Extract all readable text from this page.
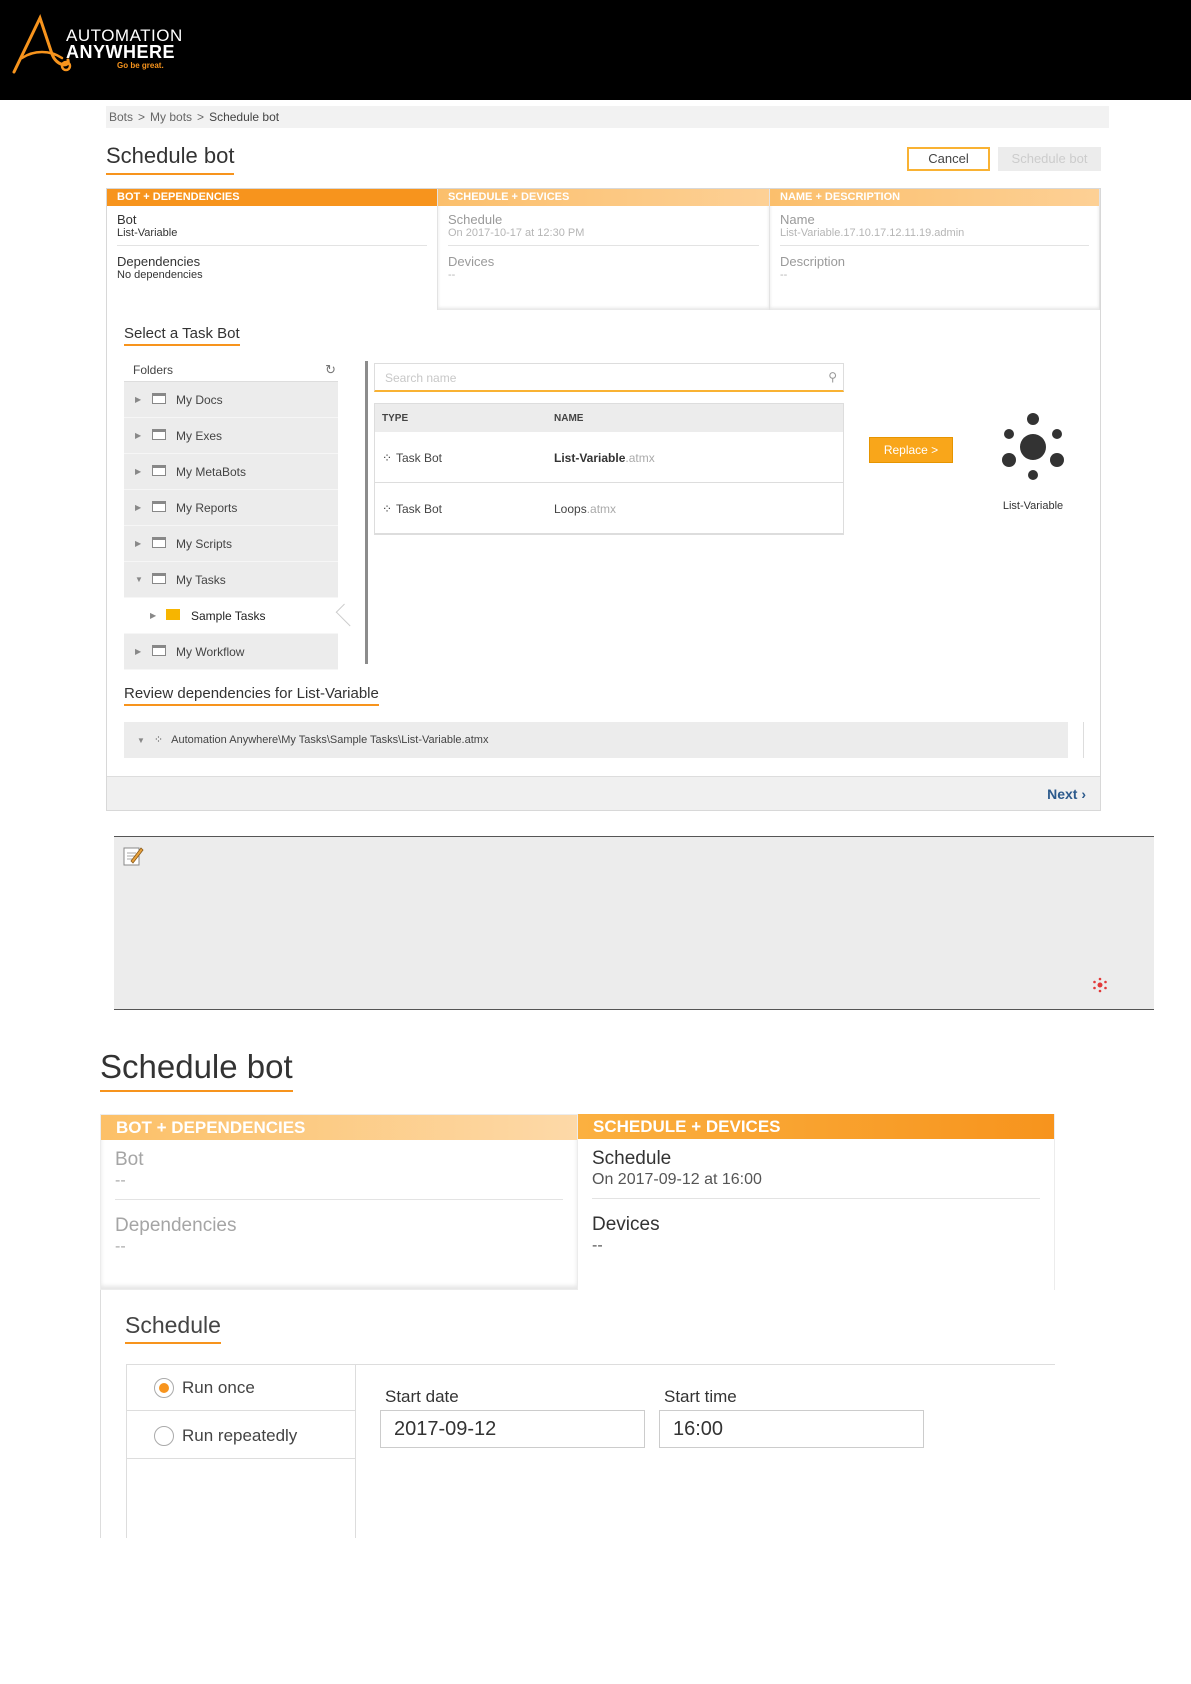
AUTOMATION
ANYWHERE
Go be great.
Bots > My bots > Schedule bot
Schedule bot	Cancel	Schedule bot
BOT + DEPENDENCIES
Bot
List-Variable
Dependencies
No dependencies
SCHEDULE + DEVICES
Schedule
On 2017-10-17 at 12:30 PM
Devices
--
NAME + DESCRIPTION
Name
List-Variable.17.10.17.12.11.19.admin
Description
--
Select a Task Bot
Folders	↻
▶	My Docs
▶	My Exes
▶	My MetaBots
▶	My Reports
▶	My Scripts
▼	My Tasks
▶	Sample Tasks
▶	My Workflow
Search name	⚲
TYPE	NAME
⁘ Task Bot	List-Variable.atmx
⁘ Task Bot	Loops.atmx
Replace >
List-Variable
Review dependencies for List-Variable
▼ ⁘ Automation Anywhere\My Tasks\Sample Tasks\List-Variable.atmx
Next ›
Schedule bot
BOT + DEPENDENCIES
Bot
--
Dependencies
--
SCHEDULE + DEVICES
Schedule
On 2017-09-12 at 16:00
Devices
--
Schedule
Run once
Run repeatedly
Start date
2017-09-12
Start time
16:00
